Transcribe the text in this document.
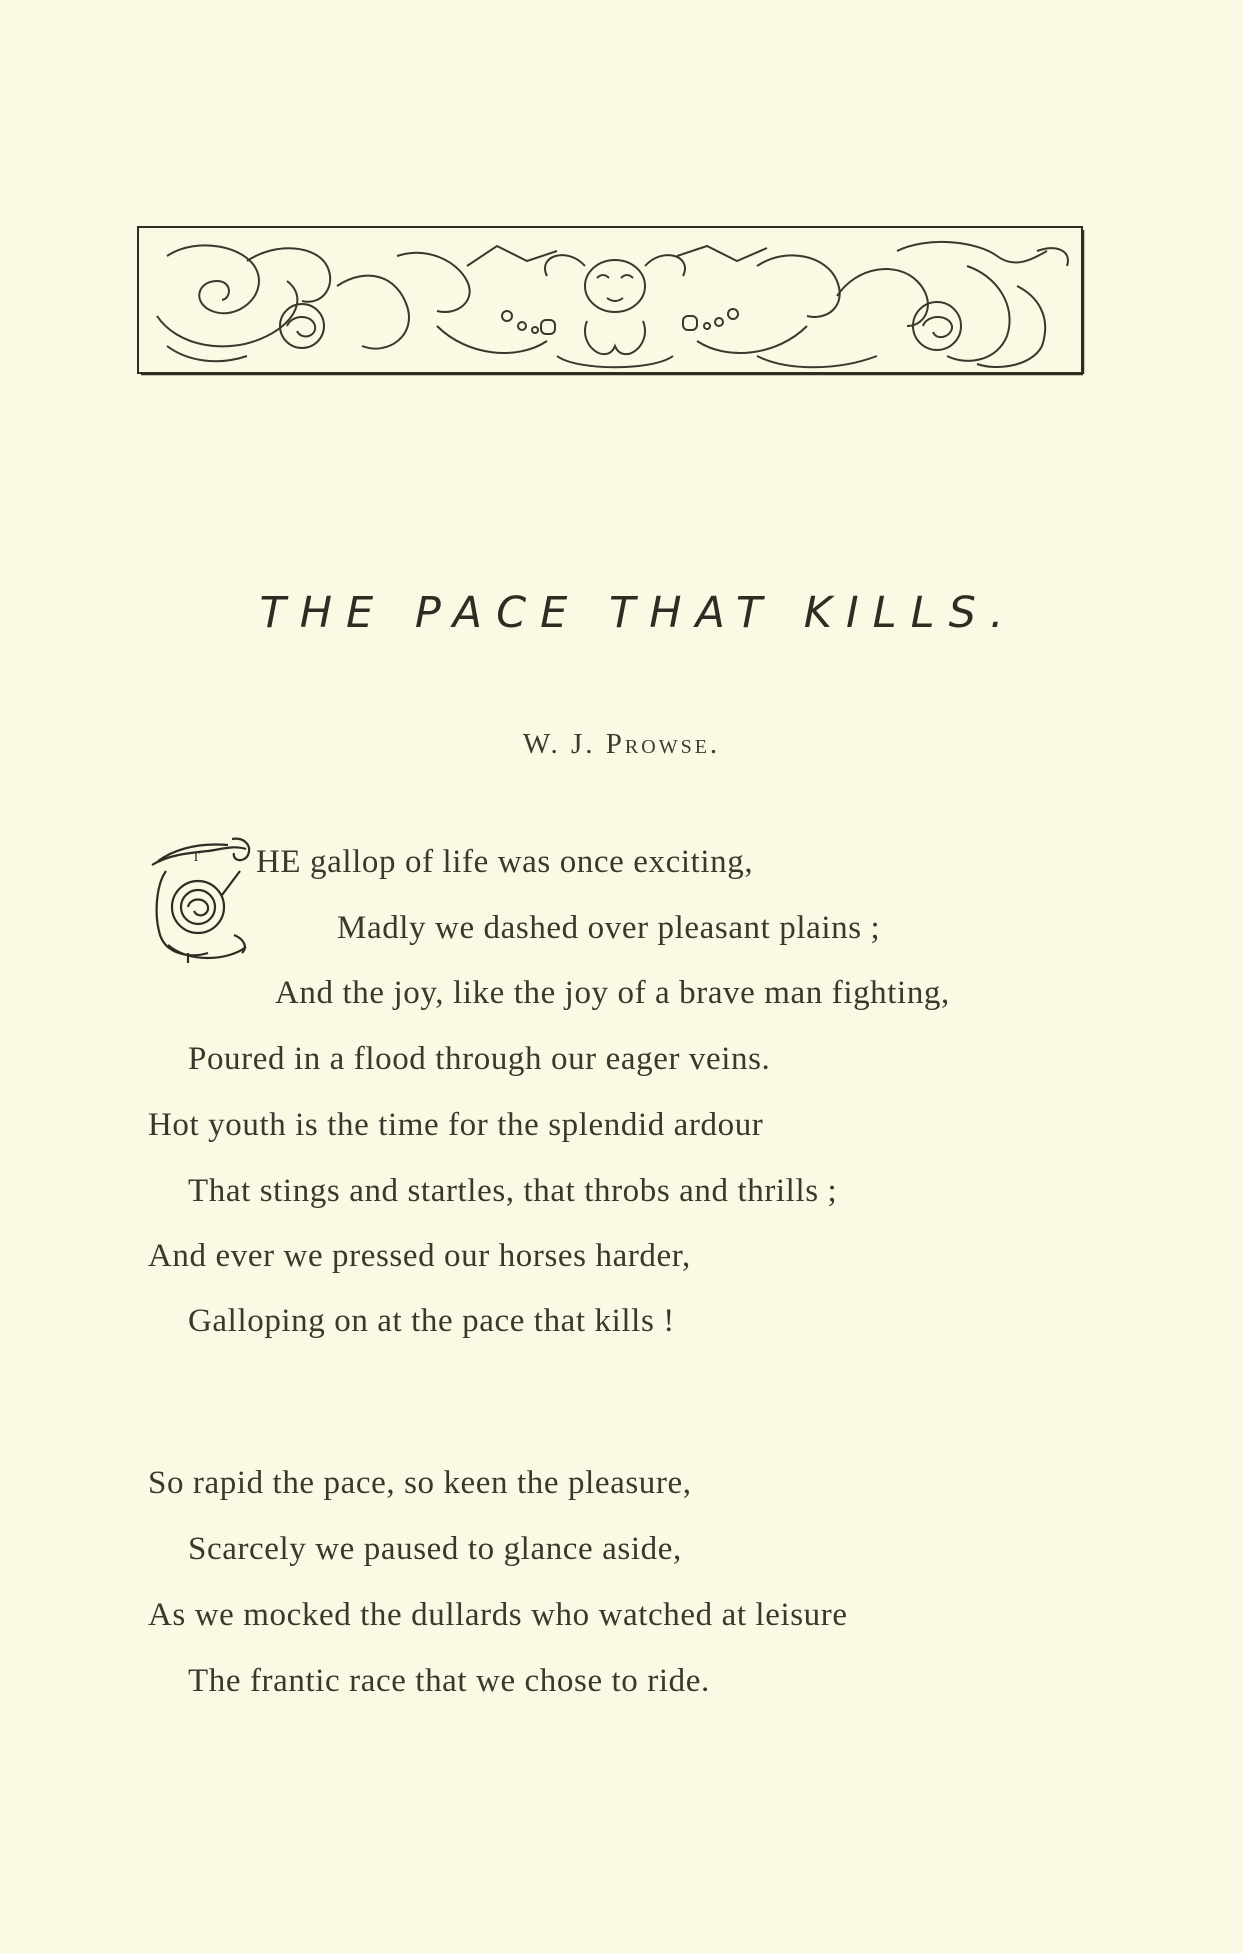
THE PACE THAT KILLS.
W. J. Prowse.
T HE gallop of life was once exciting,
Madly we dashed over pleasant plains ;
And the joy, like the joy of a brave man fighting,
Poured in a flood through our eager veins.
Hot youth is the time for the splendid ardour
That stings and startles, that throbs and thrills ;
And ever we pressed our horses harder,
Galloping on at the pace that kills !
So rapid the pace, so keen the pleasure,
Scarcely we paused to glance aside,
As we mocked the dullards who watched at leisure
The frantic race that we chose to ride.
